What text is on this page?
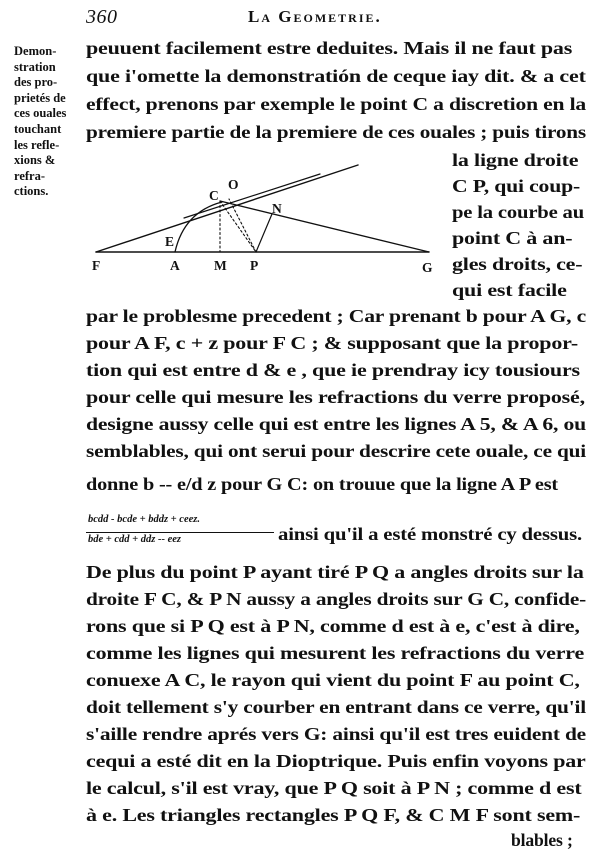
360	La Geometrie.
Demon-
stration
des pro-
prietés de
ces ouales
touchant
les refle-
xions &
refra-
ctions.
peuuent facilement estre deduites. Mais il ne faut pas
que i'omette la demonstratión de ceque iay dit. & a cet
effect, prenons par exemple le point C a discretion en la
premiere partie de la premiere de ces ouales ; puis tirons
la ligne droite
C P, qui coup-
pe la courbe au
point C à an-
gles droits, ce-
qui est facile
F	A	M P	G
E
C
O
N
par le problesme precedent ; Car prenant b pour A G, c
pour A F, c + z pour F C ; & supposant que la propor-
tion qui est entre d & e , que ie prendray icy tousiours
pour celle qui mesure les refractions du verre proposé,
designe aussy celle qui est entre les lignes A 5, & A 6, ou
semblables, qui ont serui pour descrire cete ouale, ce qui
donne b -- e/d z pour G C: on trouue que la ligne A P est
bcdd - bcde + bddz + ceez.
bde + cdd + ddz -- eez	ainsi qu'il a esté monstré cy dessus.
De plus du point P ayant tiré P Q a angles droits sur la
droite F C, & P N aussy a angles droits sur G C, confide-
rons que si P Q est à P N, comme d est à e, c'est à dire,
comme les lignes qui mesurent les refractions du verre
conuexe A C, le rayon qui vient du point F au point C,
doit tellement s'y courber en entrant dans ce verre, qu'il
s'aille rendre aprés vers G: ainsi qu'il est tres euident de
cequi a esté dit en la Dioptrique. Puis enfin voyons par
le calcul, s'il est vray, que P Q soit à P N ; comme d est
à e. Les triangles rectangles P Q F, & C M F sont sem-
blables ;
